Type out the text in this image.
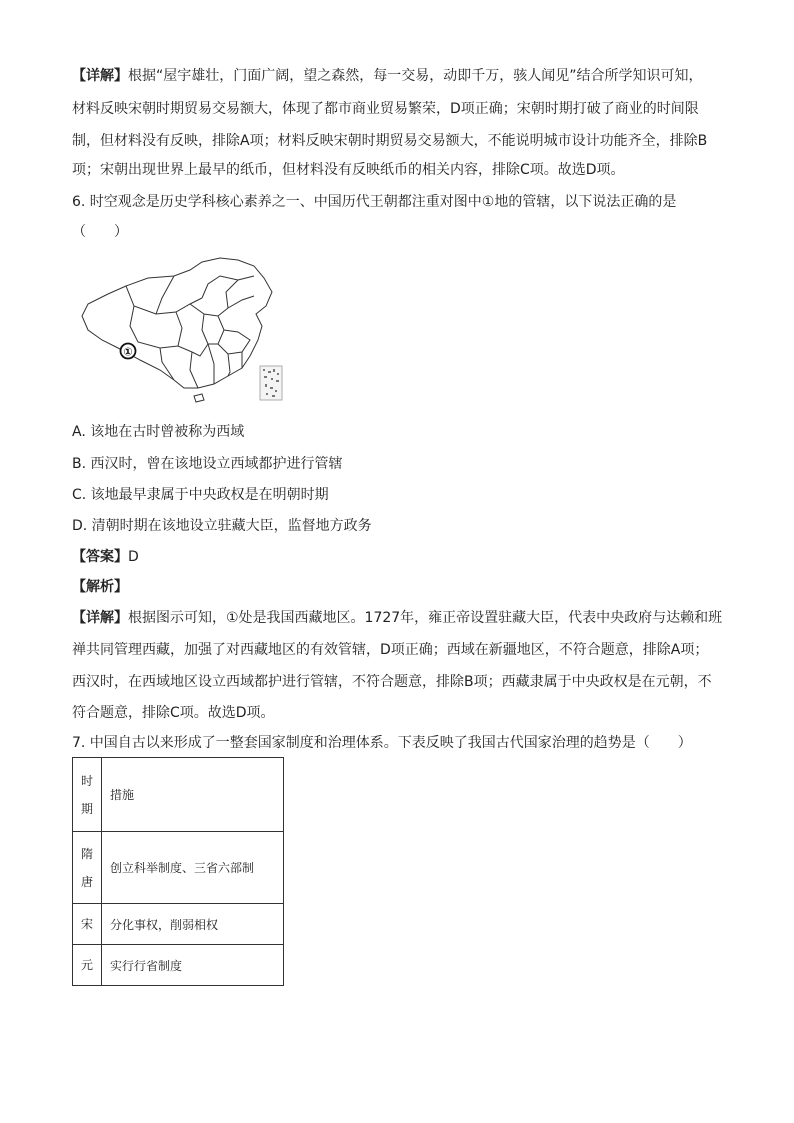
【详解】根据“屋宇雄壮，门面广阔，望之森然，每一交易，动即千万，骇人闻见”结合所学知识可知，
材料反映宋朝时期贸易交易额大，体现了都市商业贸易繁荣，D项正确；宋朝时期打破了商业的时间限
制，但材料没有反映，排除A项；材料反映宋朝时期贸易交易额大，不能说明城市设计功能齐全，排除B
项；宋朝出现世界上最早的纸币，但材料没有反映纸币的相关内容，排除C项。故选D项。
6. 时空观念是历史学科核心素养之一、中国历代王朝都注重对图中①地的管辖，以下说法正确的是
（　　）
①
A. 该地在古时曾被称为西域
B. 西汉时，曾在该地设立西域都护进行管辖
C. 该地最早隶属于中央政权是在明朝时期
D. 清朝时期在该地设立驻藏大臣，监督地方政务
【答案】D
【解析】
【详解】根据图示可知，①处是我国西藏地区。1727年，雍正帝设置驻藏大臣，代表中央政府与达赖和班
禅共同管理西藏，加强了对西藏地区的有效管辖，D项正确；西域在新疆地区，不符合题意，排除A项；
西汉时，在西域地区设立西域都护进行管辖，不符合题意，排除B项；西藏隶属于中央政权是在元朝，不
符合题意，排除C项。故选D项。
7. 中国自古以来形成了一整套国家制度和治理体系。下表反映了我国古代国家治理的趋势是（　　）
时
期	措施

隋
唐	创立科举制度、三省六部制
宋	分化事权，削弱相权
元	实行行省制度
